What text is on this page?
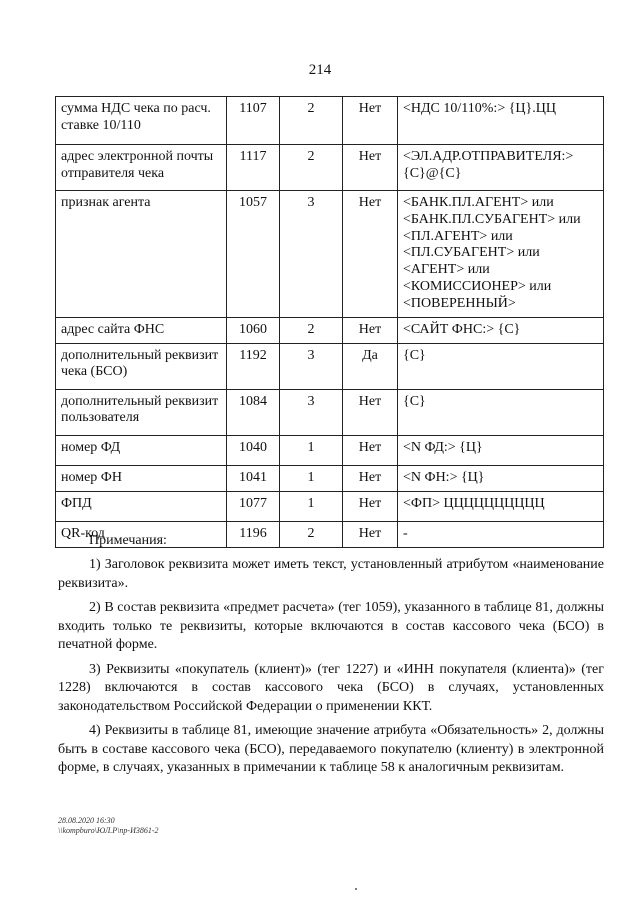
214
сумма НДС чека по расч. ставке 10/110	1107	2	Нет	<НДС 10/110%:> {Ц}.ЦЦ
адрес электронной почты отправителя чека	1117	2	Нет	<ЭЛ.АДР.ОТПРАВИТЕЛЯ:> {С}@{С}
признак агента	1057	3	Нет	<БАНК.ПЛ.АГЕНТ> или <БАНК.ПЛ.СУБАГЕНТ> или <ПЛ.АГЕНТ> или <ПЛ.СУБАГЕНТ> или <АГЕНТ> или <КОМИССИОНЕР> или <ПОВЕРЕННЫЙ>
адрес сайта ФНС	1060	2	Нет	<САЙТ ФНС:> {С}
дополнительный реквизит чека (БСО)	1192	3	Да	{С}
дополнительный реквизит пользователя	1084	3	Нет	{С}
номер ФД	1040	1	Нет	<N ФД:> {Ц}
номер ФН	1041	1	Нет	<N ФН:> {Ц}
ФПД	1077	1	Нет	<ФП> ЦЦЦЦЦЦЦЦЦЦ
QR-код	1196	2	Нет	-
Примечания:

1) Заголовок реквизита может иметь текст, установленный атрибутом «наименование реквизита».

2) В состав реквизита «предмет расчета» (тег 1059), указанного в таблице 81, должны входить только те реквизиты, которые включаются в состав кассового чека (БСО) в печатной форме.

3) Реквизиты «покупатель (клиент)» (тег 1227) и «ИНН покупателя (клиента)» (тег 1228) включаются в состав кассового чека (БСО) в случаях, установленных законодательством Российской Федерации о применении ККТ.

4) Реквизиты в таблице 81, имеющие значение атрибута «Обязательность» 2, должны быть в составе кассового чека (БСО), передаваемого покупателю (клиенту) в электронной форме, в случаях, указанных в примечании к таблице 58 к аналогичным реквизитам.

28.08.2020 16:30
\\kompburo\ЮЛ.Р\пр-И3861-2
